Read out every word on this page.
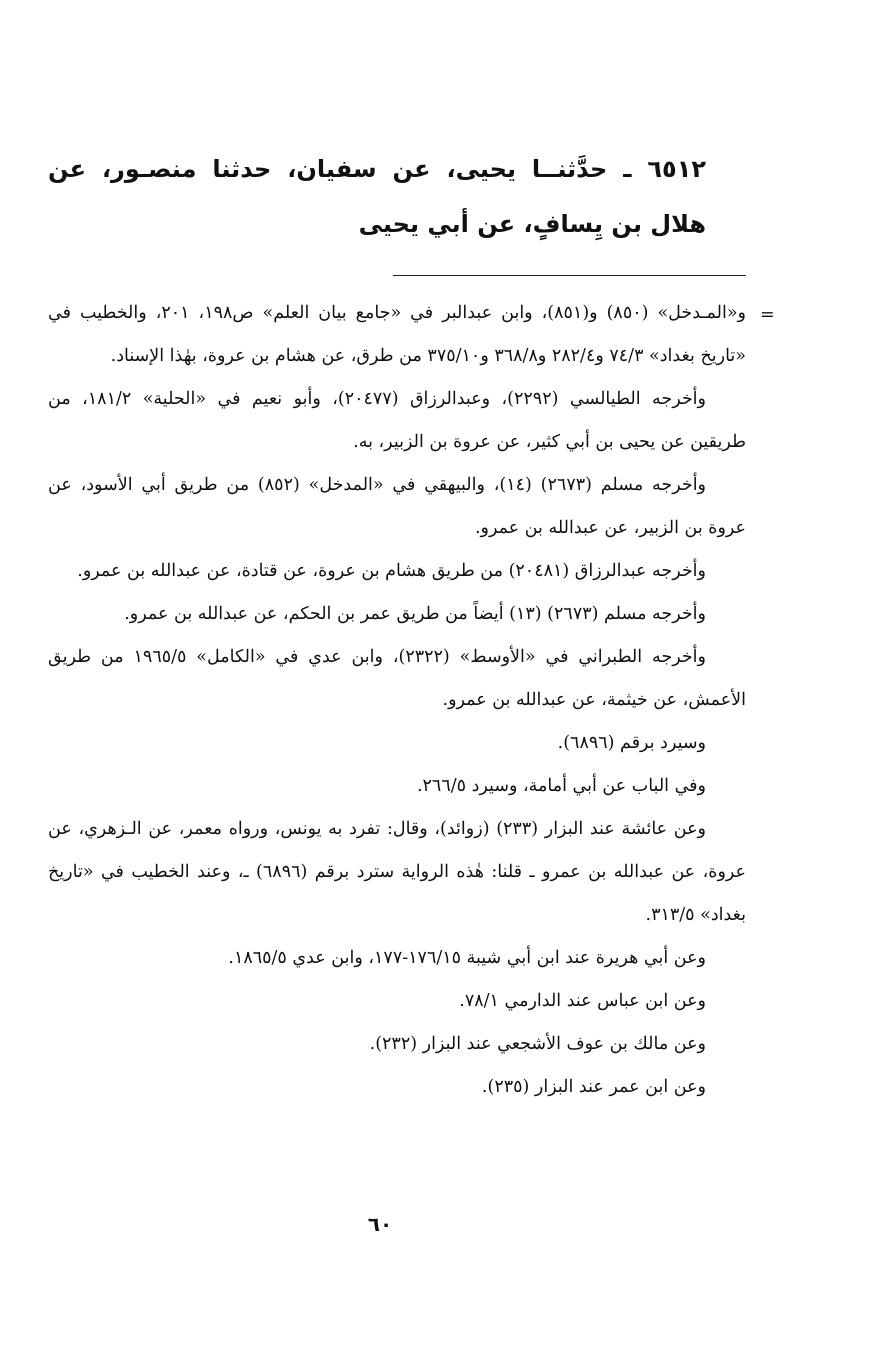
٦٥١٢ ـ حدَّثنــا يحيى، عن سفيان، حدثنا منصـور، عن هلال بن يِسافٍ، عن أبي يحيى
=

و«المـدخل» (٨٥٠) و(٨٥١)، وابن عبدالبر في «جامع بيان العلم» ص١٩٨، ٢٠١، والخطيب في «تاريخ بغداد» ٧٤/٣ و٢٨٢/٤ و٣٦٨/٨ و٣٧٥/١٠ من طرق، عن هشام بن عروة، بهٰذا الإسناد.

وأخرجه الطيالسي (٢٢٩٢)، وعبدالرزاق (٢٠٤٧٧)، وأبو نعيم في «الحلية» ١٨١/٢، من طريقين عن يحيى بن أبي كثير، عن عروة بن الزبير، به.

وأخرجه مسلم (٢٦٧٣) (١٤)، والبيهقي في «المدخل» (٨٥٢) من طريق أبي الأسود، عن عروة بن الزبير، عن عبدالله بن عمرو.

وأخرجه عبدالرزاق (٢٠٤٨١) من طريق هشام بن عروة، عن قتادة، عن عبدالله بن عمرو.

وأخرجه مسلم (٢٦٧٣) (١٣) أيضاً من طريق عمر بن الحكم، عن عبدالله بن عمرو.

وأخرجه الطبراني في «الأوسط» (٢٣٢٢)، وابن عدي في «الكامل» ١٩٦٥/٥ من طريق الأعمش، عن خيثمة، عن عبدالله بن عمرو.

وسيرد برقم (٦٨٩٦).

وفي الباب عن أبي أمامة، وسيرد ٢٦٦/٥.

وعن عائشة عند البزار (٢٣٣) (زوائد)، وقال: تفرد به يونس، ورواه معمر، عن الـزهري، عن عروة، عن عبدالله بن عمرو ـ قلنا: هٰذه الرواية سترد برقم (٦٨٩٦) ـ، وعند الخطيب في «تاريخ بغداد» ٣١٣/٥.

وعن أبي هريرة عند ابن أبي شيبة ١٧٦/١٥-١٧٧، وابن عدي ١٨٦٥/٥.

وعن ابن عباس عند الدارمي ٧٨/١.

وعن مالك بن عوف الأشجعي عند البزار (٢٣٢).

وعن ابن عمر عند البزار (٢٣٥).

٦٠
